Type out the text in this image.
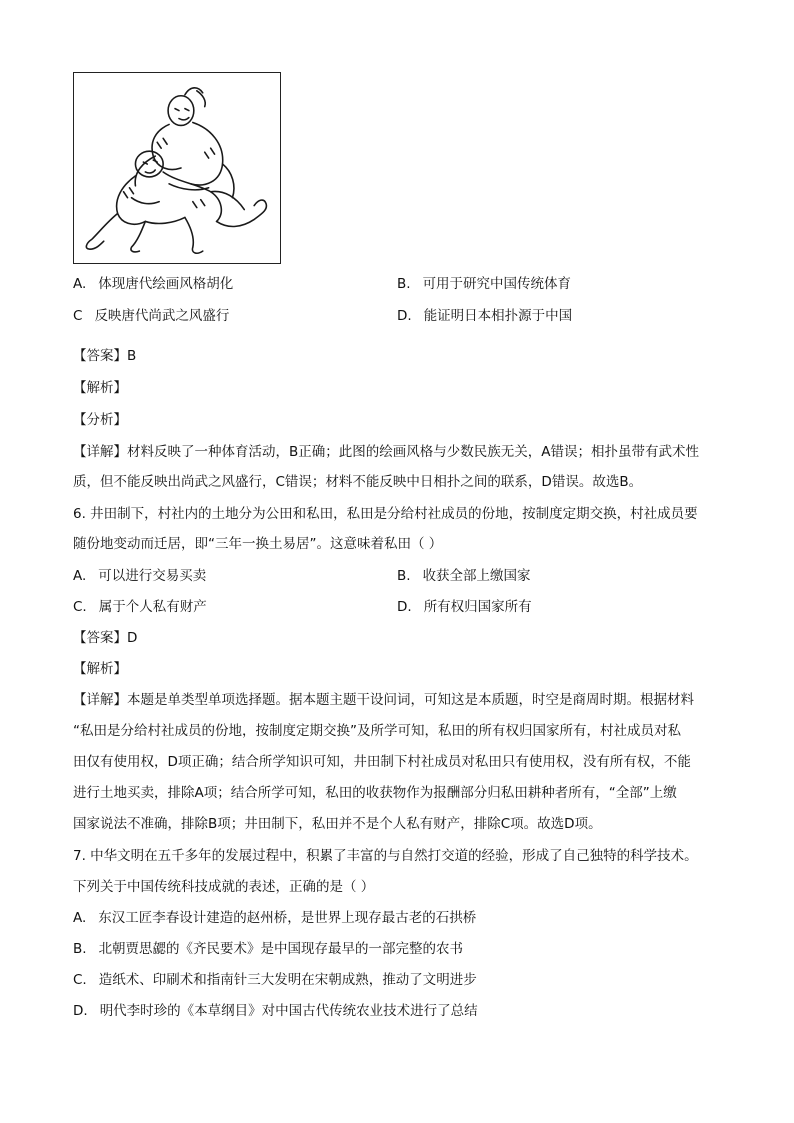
A. 体现唐代绘画风格胡化	B. 可用于研究中国传统体育
C 反映唐代尚武之风盛行	D. 能证明日本相扑源于中国
【答案】B
【解析】
【分析】
【详解】材料反映了一种体育活动，B正确；此图的绘画风格与少数民族无关，A错误；相扑虽带有武术性
质，但不能反映出尚武之风盛行，C错误；材料不能反映中日相扑之间的联系，D错误。故选B。
6. 井田制下，村社内的土地分为公田和私田，私田是分给村社成员的份地，按制度定期交换，村社成员要
随份地变动而迁居，即“三年一换土易居”。这意味着私田（ ）
A. 可以进行交易买卖	B. 收获全部上缴国家
C. 属于个人私有财产	D. 所有权归国家所有
【答案】D
【解析】
【详解】本题是单类型单项选择题。据本题主题干设问词，可知这是本质题，时空是商周时期。根据材料
“私田是分给村社成员的份地，按制度定期交换”及所学可知，私田的所有权归国家所有，村社成员对私
田仅有使用权，D项正确；结合所学知识可知，井田制下村社成员对私田只有使用权，没有所有权，不能
进行土地买卖，排除A项；结合所学可知，私田的收获物作为报酬部分归私田耕种者所有，“全部”上缴
国家说法不准确，排除B项；井田制下，私田并不是个人私有财产，排除C项。故选D项。
7. 中华文明在五千多年的发展过程中，积累了丰富的与自然打交道的经验，形成了自己独特的科学技术。
下列关于中国传统科技成就的表述，正确的是（ ）
A. 东汉工匠李春设计建造的赵州桥，是世界上现存最古老的石拱桥
B. 北朝贾思勰的《齐民要术》是中国现存最早的一部完整的农书
C. 造纸术、印刷术和指南针三大发明在宋朝成熟，推动了文明进步
D. 明代李时珍的《本草纲目》对中国古代传统农业技术进行了总结
